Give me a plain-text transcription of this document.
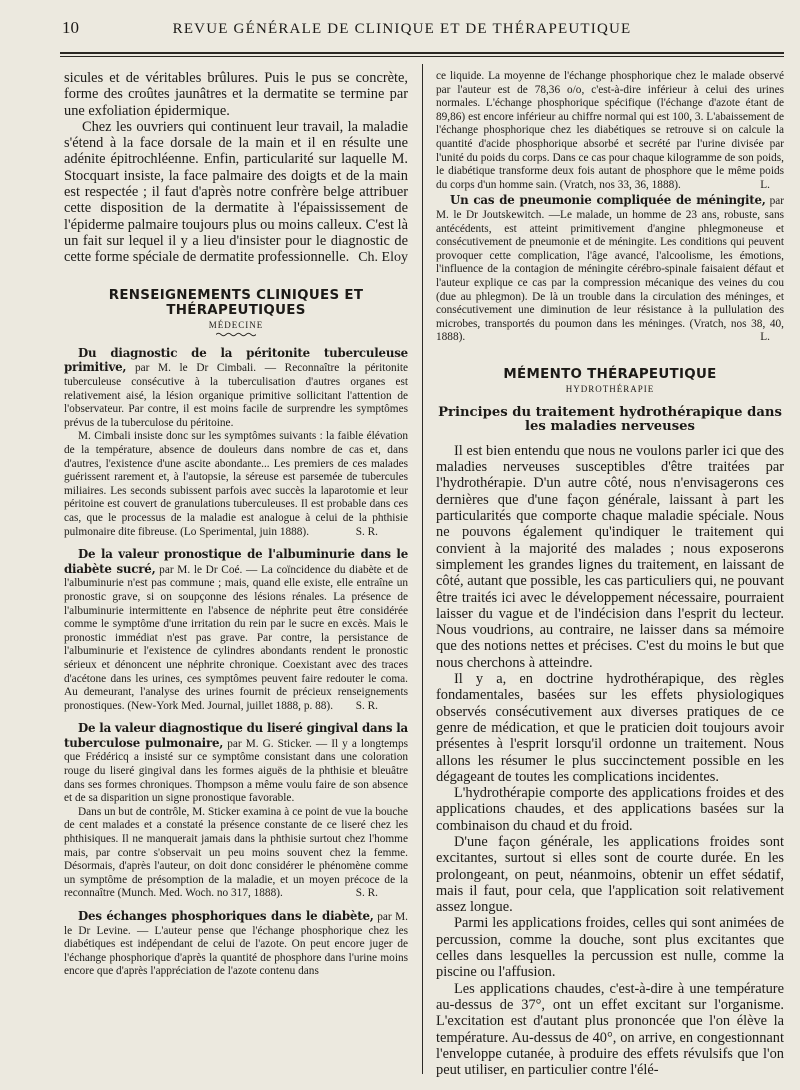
10	REVUE GÉNÉRALE DE CLINIQUE ET DE THÉRAPEUTIQUE

sicules et de véritables brûlures. Puis le pus se concrète, forme des croûtes jaunâtres et la dermatite se termine par une exfoliation épidermique.

Chez les ouvriers qui continuent leur travail, la maladie s'étend à la face dorsale de la main et il en résulte une adénite épitrochléenne. Enfin, particularité sur laquelle M. Stocquart insiste, la face palmaire des doigts et de la main est respectée ; il faut d'après notre confrère belge attribuer cette disposition de la dermatite à l'épaississement de l'épiderme palmaire toujours plus ou moins calleux. C'est là un fait sur lequel il y a lieu d'insister pour le diagnostic de cette forme spéciale de dermatite professionnelle. Ch. Eloy
RENSEIGNEMENTS CLINIQUES ET THÉRAPEUTIQUES
MÉDECINE

Du diagnostic de la péritonite tuberculeuse primitive, par M. le Dr Cimbali. — Reconnaître la péritonite tuberculeuse consécutive à la tuberculisation d'autres organes est relativement aisé, la lésion organique primitive sollicitant l'attention de l'observateur. Par contre, il est moins facile de surprendre les symptômes prévus de la tuberculose du péritoine.

M. Cimbali insiste donc sur les symptômes suivants : la faible élévation de la température, absence de douleurs dans nombre de cas et, dans d'autres, l'existence d'une ascite abondante... Les premiers de ces malades guérissent rarement et, à l'autopsie, la séreuse est parsemée de tubercules miliaires. Les seconds subissent parfois avec succès la laparotomie et leur péritoine est couvert de granulations tuberculeuses. Il est probable dans ces cas, que le processus de la maladie est analogue à celui de la phthisie pulmonaire dite fibreuse. (Lo Sperimental, juin 1888).	S. R.

De la valeur pronostique de l'albuminurie dans le diabète sucré, par M. le Dr Coé. — La coïncidence du diabète et de l'albuminurie n'est pas commune ; mais, quand elle existe, elle entraîne un pronostic grave, si on soupçonne des lésions rénales. La présence de l'albuminurie intermittente en l'absence de néphrite peut être considérée comme le symptôme d'une irritation du rein par le sucre en excès. Mais le pronostic immédiat n'est pas grave. Par contre, la persistance de l'albuminurie et l'existence de cylindres abondants rendent le pronostic sérieux et dénoncent une néphrite chronique. Coexistant avec des traces d'acétone dans les urines, ces symptômes peuvent faire redouter le coma. Au demeurant, l'analyse des urines fournit de précieux renseignements pronostiques. (New-York Med. Journal, juillet 1888, p. 88).	S. R.

De la valeur diagnostique du liseré gingival dans la tuberculose pulmonaire, par M. G. Sticker. — Il y a longtemps que Frédéricq a insisté sur ce symptôme consistant dans une coloration rouge du liseré gingival dans les formes aiguës de la phthisie et bleuâtre dans ses formes chroniques. Thompson a même voulu faire de son absence et de sa disparition un signe pronostique favorable.

Dans un but de contrôle, M. Sticker examina à ce point de vue la bouche de cent malades et a constaté la présence constante de ce liseré chez les phthisiques. Il ne manquerait jamais dans la phthisie surtout chez l'homme mais, par contre s'observait un peu moins souvent chez la femme. Désormais, d'après l'auteur, on doit donc considérer le phénomène comme un symptôme de présomption de la maladie, et un moyen précoce de la reconnaître (Munch. Med. Woch. no 317, 1888).	S. R.

Des échanges phosphoriques dans le diabète, par M. le Dr Levine. — L'auteur pense que l'échange phosphorique chez les diabétiques est indépendant de celui de l'azote. On peut encore juger de l'échange phosphorique d'après la quantité de phosphore dans l'urine moins encore que d'après l'appréciation de l'azote contenu dans

ce liquide. La moyenne de l'échange phosphorique chez le malade observé par l'auteur est de 78,36 o/o, c'est-à-dire inférieur à celui des urines normales. L'échange phosphorique spécifique (l'échange d'azote étant de 89,86) est encore inférieur au chiffre normal qui est 100, 3. L'abaissement de l'échange phosphorique chez les diabétiques se retrouve si on calcule la quantité d'acide phosphorique absorbé et secrété par l'urine divisée par l'unité du poids du corps. Dans ce cas pour chaque kilogramme de son poids, le diabétique transforme deux fois autant de phosphore que le même poids du corps d'un homme sain. (Vratch, nos 33, 36, 1888).	L.

Un cas de pneumonie compliquée de méningite, par M. le Dr Joutskewitch. —Le malade, un homme de 23 ans, robuste, sans antécédents, est atteint primitivement d'angine phlegmoneuse et consécutivement de pneumonie et de méningite. Les conditions qui peuvent provoquer cette complication, l'âge avancé, l'alcoolisme, les émotions, l'influence de la contagion de méningite cérébro-spinale faisaient défaut et l'auteur explique ce cas par la compression mécanique des veines du cou (due au phlegmon). De là un trouble dans la circulation des méninges, et consécutivement une diminution de leur résistance à la pullulation des microbes, transportés du poumon dans les méninges. (Vratch, nos 38, 40, 1888).	L.

MÉMENTO THÉRAPEUTIQUE
HYDROTHÉRAPIE
Principes du traitement hydrothérapique dans les maladies nerveuses

Il est bien entendu que nous ne voulons parler ici que des maladies nerveuses susceptibles d'être traitées par l'hydrothérapie. D'un autre côté, nous n'envisagerons ces dernières que d'une façon générale, laissant à part les particularités que comporte chaque maladie spéciale. Nous ne pouvons également qu'indiquer le traitement qui convient à la majorité des malades ; nous exposerons simplement les grandes lignes du traitement, en laissant de côté, autant que possible, les cas particuliers qui, ne pouvant être traités ici avec le développement nécessaire, pourraient laisser du vague et de l'indécision dans l'esprit du lecteur. Nous voudrions, au contraire, ne laisser dans sa mémoire que des notions nettes et précises. C'est du moins le but que nous cherchons à atteindre.

Il y a, en doctrine hydrothérapique, des règles fondamentales, basées sur les effets physiologiques observés consécutivement aux diverses pratiques de ce genre de médication, et que le praticien doit toujours avoir présentes à l'esprit lorsqu'il ordonne un traitement. Nous allons les résumer le plus succinctement possible en les dégageant de toutes les complications incidentes.

L'hydrothérapie comporte des applications froides et des applications chaudes, et des applications basées sur la combinaison du chaud et du froid.

D'une façon générale, les applications froides sont excitantes, surtout si elles sont de courte durée. En les prolongeant, on peut, néanmoins, obtenir un effet sédatif, mais il faut, pour cela, que l'application soit relativement assez longue.

Parmi les applications froides, celles qui sont animées de percussion, comme la douche, sont plus excitantes que celles dans lesquelles la percussion est nulle, comme la piscine ou l'affusion.

Les applications chaudes, c'est-à-dire à une température au-dessus de 37°, ont un effet excitant sur l'organisme. L'excitation est d'autant plus prononcée que l'on élève la température. Au-dessus de 40°, on arrive, en congestionnant l'enveloppe cutanée, à produire des effets révulsifs que l'on peut utiliser, en particulier contre l'élé-
